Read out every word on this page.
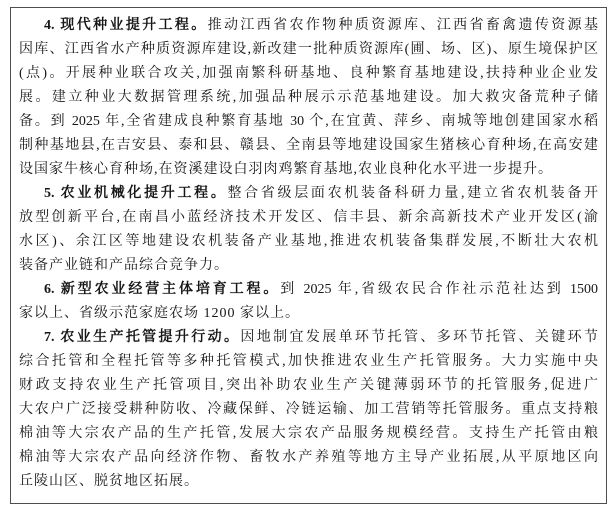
4. 现代种业提升工程。推动江西省农作物种质资源库、江西省畜禽遗传资源基
因库、江西省水产种质资源库建设,新改建一批种质资源库(圃、场、区)、原生境保护区
(点)。开展种业联合攻关,加强南繁科研基地、良种繁育基地建设,扶持种业企业发
展。建立种业大数据管理系统,加强品种展示示范基地建设。加大救灾备荒种子储
备。到 2025 年,全省建成良种繁育基地 30 个,在宜黄、萍乡、南城等地创建国家水稻
制种基地县,在吉安县、泰和县、赣县、全南县等地建设国家生猪核心育种场,在高安建
设国家牛核心育种场,在资溪建设白羽肉鸡繁育基地,农业良种化水平进一步提升。
5. 农业机械化提升工程。整合省级层面农机装备科研力量,建立省农机装备开
放型创新平台,在南昌小蓝经济技术开发区、信丰县、新余高新技术产业开发区(渝
水区)、余江区等地建设农机装备产业基地,推进农机装备集群发展,不断壮大农机
装备产业链和产品综合竞争力。
6. 新型农业经营主体培育工程。到 2025 年,省级农民合作社示范社达到 1500
家以上、省级示范家庭农场 1200 家以上。
7. 农业生产托管提升行动。因地制宜发展单环节托管、多环节托管、关键环节
综合托管和全程托管等多种托管模式,加快推进农业生产托管服务。大力实施中央
财政支持农业生产托管项目,突出补助农业生产关键薄弱环节的托管服务,促进广
大农户广泛接受耕种防收、冷藏保鲜、冷链运输、加工营销等托管服务。重点支持粮
棉油等大宗农产品的生产托管,发展大宗农产品服务规模经营。支持生产托管由粮
棉油等大宗农产品向经济作物、畜牧水产养殖等地方主导产业拓展,从平原地区向
丘陵山区、脱贫地区拓展。
